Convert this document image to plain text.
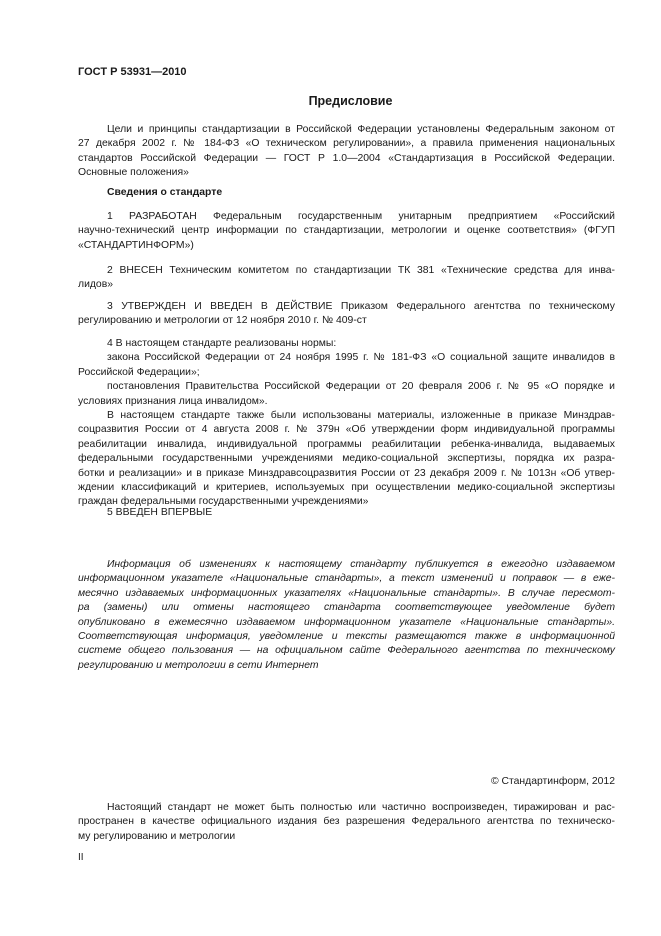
ГОСТ Р 53931—2010
Предисловие
Цели и принципы стандартизации в Российской Федерации установлены Федеральным законом от
27 декабря 2002 г. № 184-ФЗ «О техническом регулировании», а правила применения национальных
стандартов Российской Федерации — ГОСТ Р 1.0—2004 «Стандартизация в Российской Федерации.
Основные положения»
Сведения о стандарте
1 РАЗРАБОТАН Федеральным государственным унитарным предприятием «Российский
научно-технический центр информации по стандартизации, метрологии и оценке соответствия» (ФГУП
«СТАНДАРТИНФОРМ»)
2 ВНЕСЕН Техническим комитетом по стандартизации ТК 381 «Технические средства для инва-
лидов»
3 УТВЕРЖДЕН И ВВЕДЕН В ДЕЙСТВИЕ Приказом Федерального агентства по техническому
регулированию и метрологии от 12 ноября 2010 г. № 409-ст
4 В настоящем стандарте реализованы нормы:
закона Российской Федерации от 24 ноября 1995 г. № 181-ФЗ «О социальной защите инвалидов в
Российской Федерации»;
постановления Правительства Российской Федерации от 20 февраля 2006 г. № 95 «О порядке и
условиях признания лица инвалидом».
В настоящем стандарте также были использованы материалы, изложенные в приказе Минздрав-
соцразвития России от 4 августа 2008 г. № 379н «Об утверждении форм индивидуальной программы
реабилитации инвалида, индивидуальной программы реабилитации ребенка-инвалида, выдаваемых
федеральными государственными учреждениями медико-социальной экспертизы, порядка их разра-
ботки и реализации» и в приказе Минздравсоцразвития России от 23 декабря 2009 г. № 1013н «Об утвер-
ждении классификаций и критериев, используемых при осуществлении медико-социальной экспертизы
граждан федеральными государственными учреждениями»
5 ВВЕДЕН ВПЕРВЫЕ
Информация об изменениях к настоящему стандарту публикуется в ежегодно издаваемом
информационном указателе «Национальные стандарты», а текст изменений и поправок — в ежe-
месячно издаваемых информационных указателях «Национальные стандарты». В случае пересмот-
ра (замены) или отмены настоящего стандарта соответствующее уведомление будет
опубликовано в ежемесячно издаваемом информационном указателе «Национальные стандарты».
Соответствующая информация, уведомление и тексты размещаются также в информационной
системе общего пользования — на официальном сайте Федерального агентства по техническому
регулированию и метрологии в сети Интернет
© Стандартинформ, 2012
Настоящий стандарт не может быть полностью или частично воспроизведен, тиражирован и рас-
пространен в качестве официального издания без разрешения Федерального агентства по техническо-
му регулированию и метрологии
II
